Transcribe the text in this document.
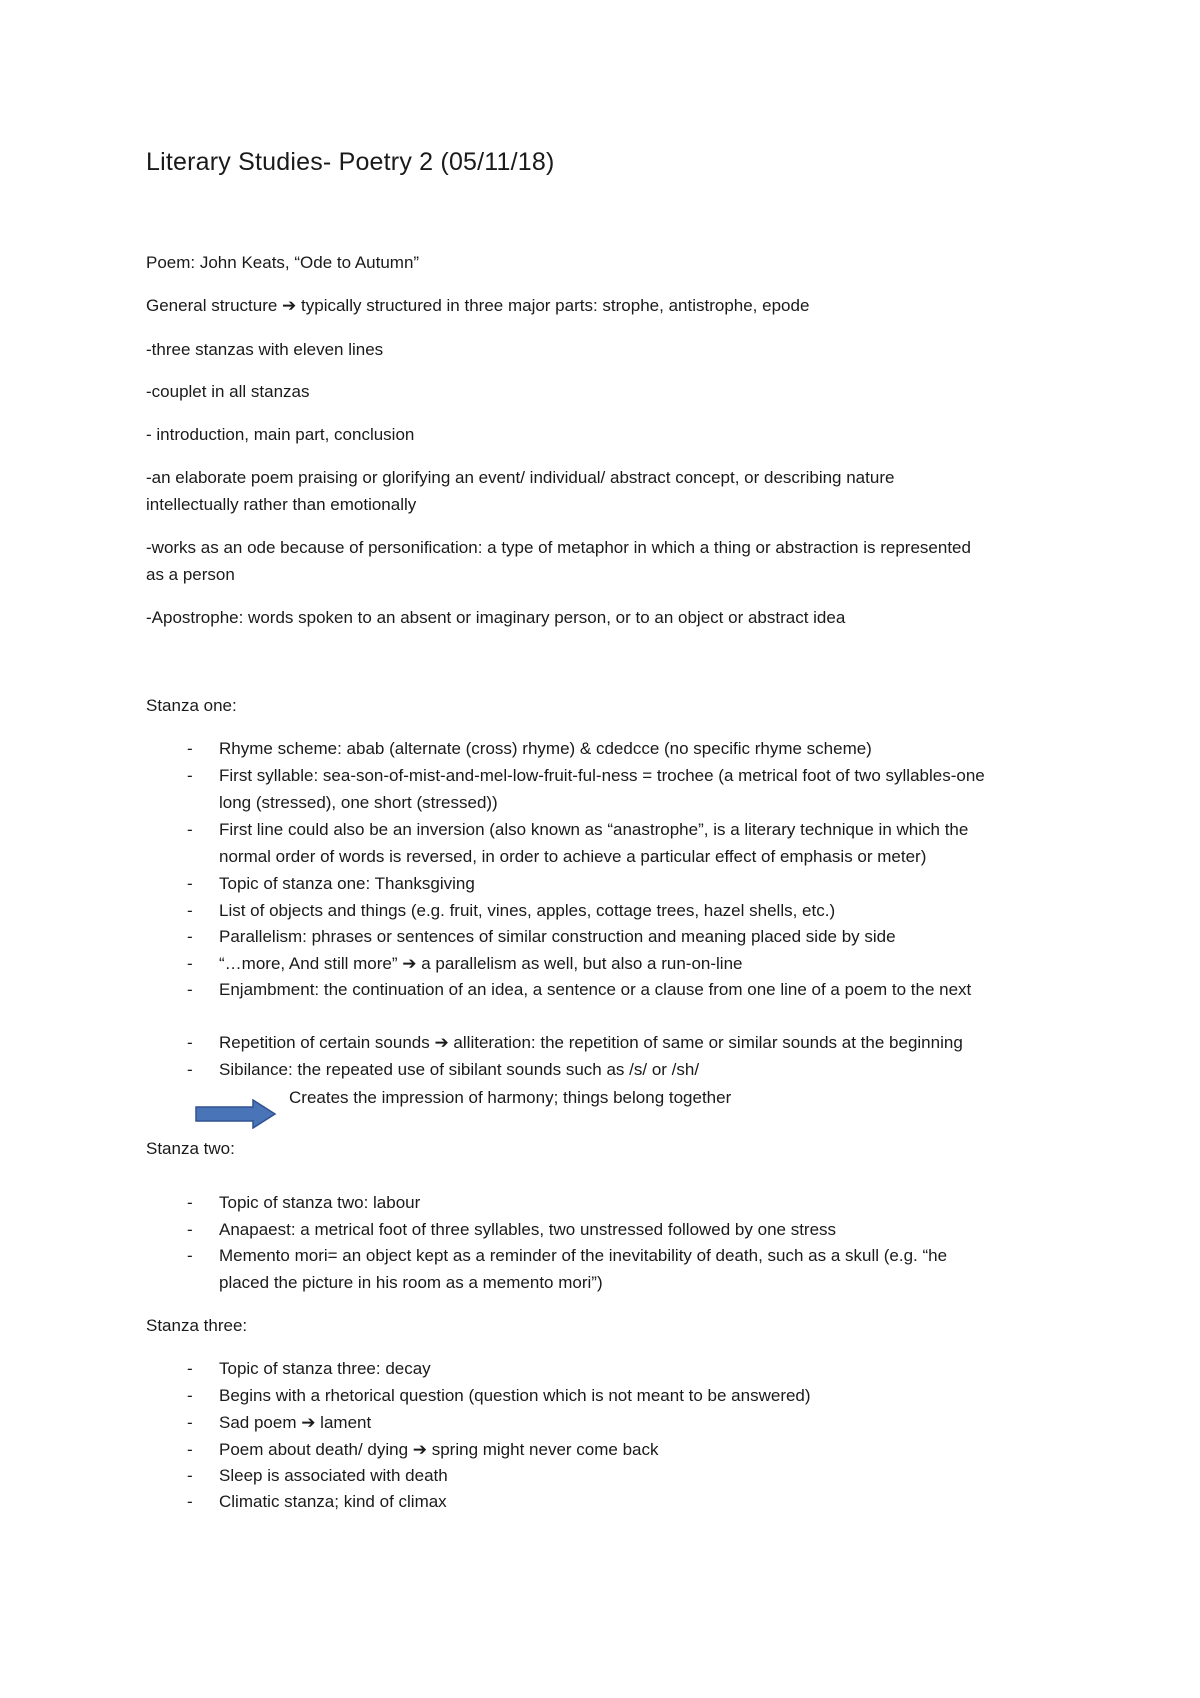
Literary Studies- Poetry 2 (05/11/18)

Poem: John Keats, “Ode to Autumn”

General structure ➔ typically structured in three major parts: strophe, antistrophe, epode

-three stanzas with eleven lines

-couplet in all stanzas

- introduction, main part, conclusion

-an elaborate poem praising or glorifying an event/ individual/ abstract concept, or describing nature

intellectually rather than emotionally

-works as an ode because of personification: a type of metaphor in which a thing or abstraction is represented

as a person

-Apostrophe: words spoken to an absent or imaginary person, or to an object or abstract idea

Stanza one:

- Rhyme scheme: abab (alternate (cross) rhyme) & cdedcce (no specific rhyme scheme)
- First syllable: sea-son-of-mist-and-mel-low-fruit-ful-ness = trochee (a metrical foot of two syllables-one
long (stressed), one short (stressed))
- First line could also be an inversion (also known as “anastrophe”, is a literary technique in which the
normal order of words is reversed, in order to achieve a particular effect of emphasis or meter)
- Topic of stanza one: Thanksgiving
- List of objects and things (e.g. fruit, vines, apples, cottage trees, hazel shells, etc.)
- Parallelism: phrases or sentences of similar construction and meaning placed side by side
- “…more, And still more” ➔ a parallelism as well, but also a run-on-line
- Enjambment: the continuation of an idea, a sentence or a clause from one line of a poem to the next
- Repetition of certain sounds ➔ alliteration: the repetition of same or similar sounds at the beginning
- Sibilance: the repeated use of sibilant sounds such as /s/ or /sh/
Creates the impression of harmony; things belong together

Stanza two:

- Topic of stanza two: labour
- Anapaest: a metrical foot of three syllables, two unstressed followed by one stress
- Memento mori= an object kept as a reminder of the inevitability of death, such as a skull (e.g. “he
placed the picture in his room as a memento mori”)

Stanza three:

- Topic of stanza three: decay
- Begins with a rhetorical question (question which is not meant to be answered)
- Sad poem ➔ lament
- Poem about death/ dying ➔ spring might never come back
- Sleep is associated with death
- Climatic stanza; kind of climax
